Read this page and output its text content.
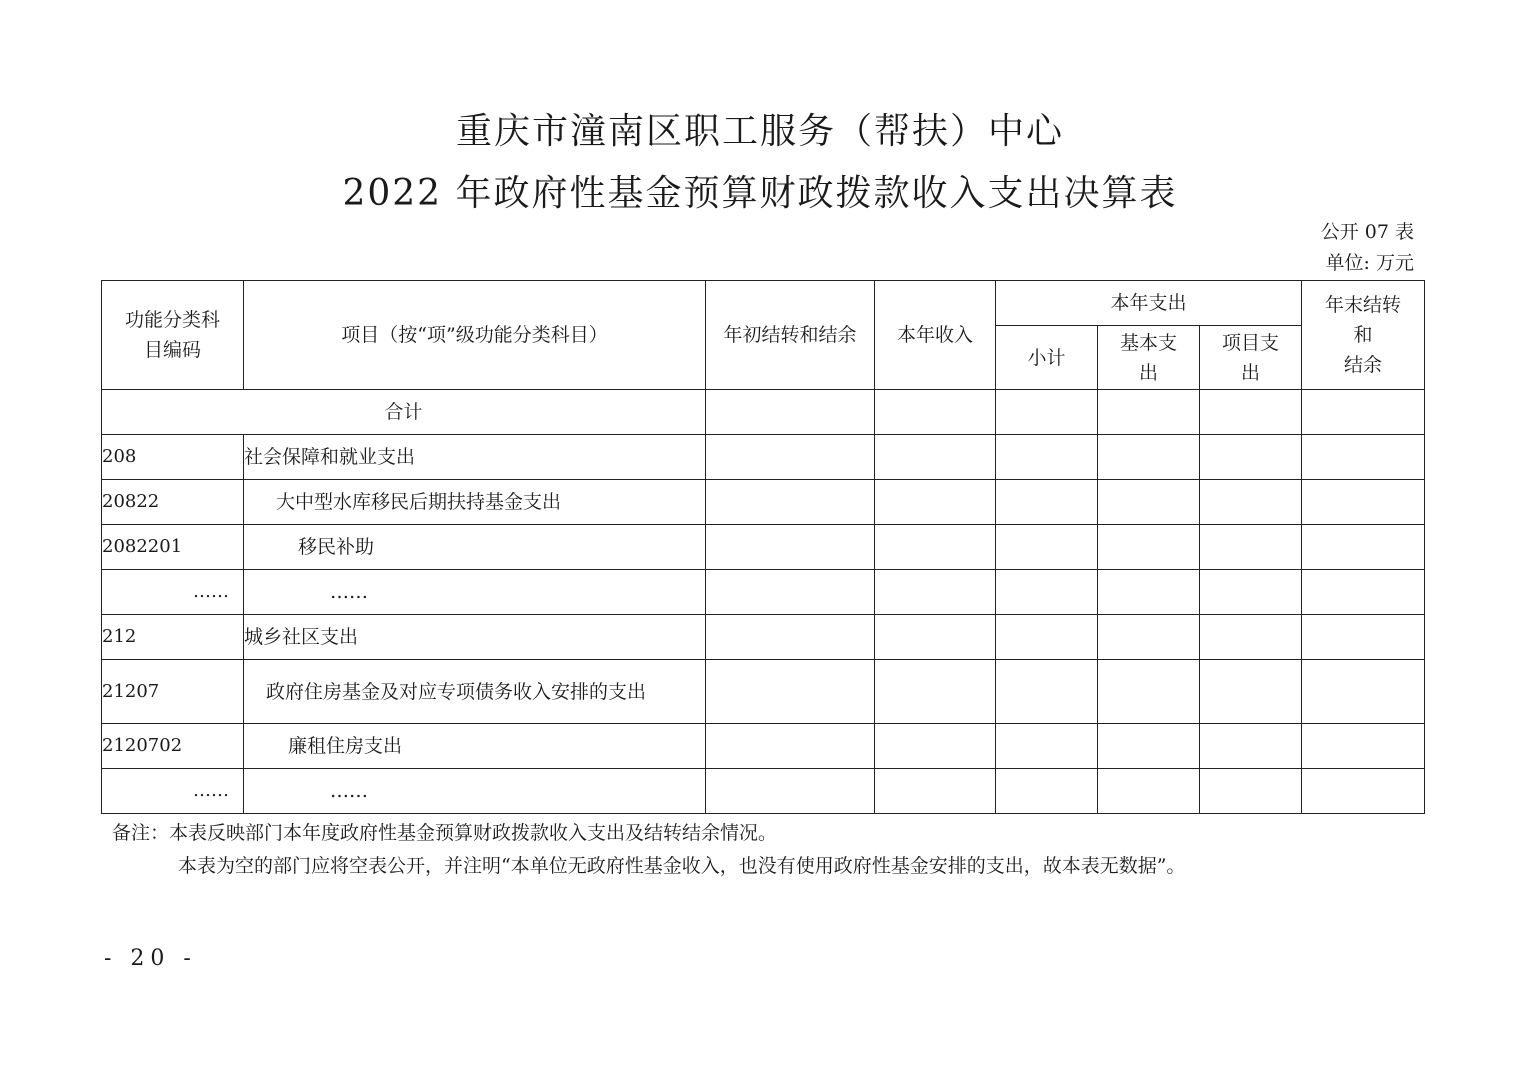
重庆市潼南区职工服务（帮扶）中心
2022 年政府性基金预算财政拨款收入支出决算表
公开 07 表
单位: 万元
功能分类科目编码	项目（按“项”级功能分类科目）	年初结转和结余	本年收入	本年支出			年末结转和
结余

				小计	基本支出	项目支出	

合计							
208	社会保障和就业支出						
20822	大中型水库移民后期扶持基金支出						
2082201	移民补助						
……	……						
212	城乡社区支出						
21207	政府住房基金及对应专项债务收入安排的支出						
2120702	廉租住房支出						
……	……						
备注：本表反映部门本年度政府性基金预算财政拨款收入支出及结转结余情况。
本表为空的部门应将空表公开，并注明“本单位无政府性基金收入，也没有使用政府性基金安排的支出，故本表无数据”。
- 20 -
